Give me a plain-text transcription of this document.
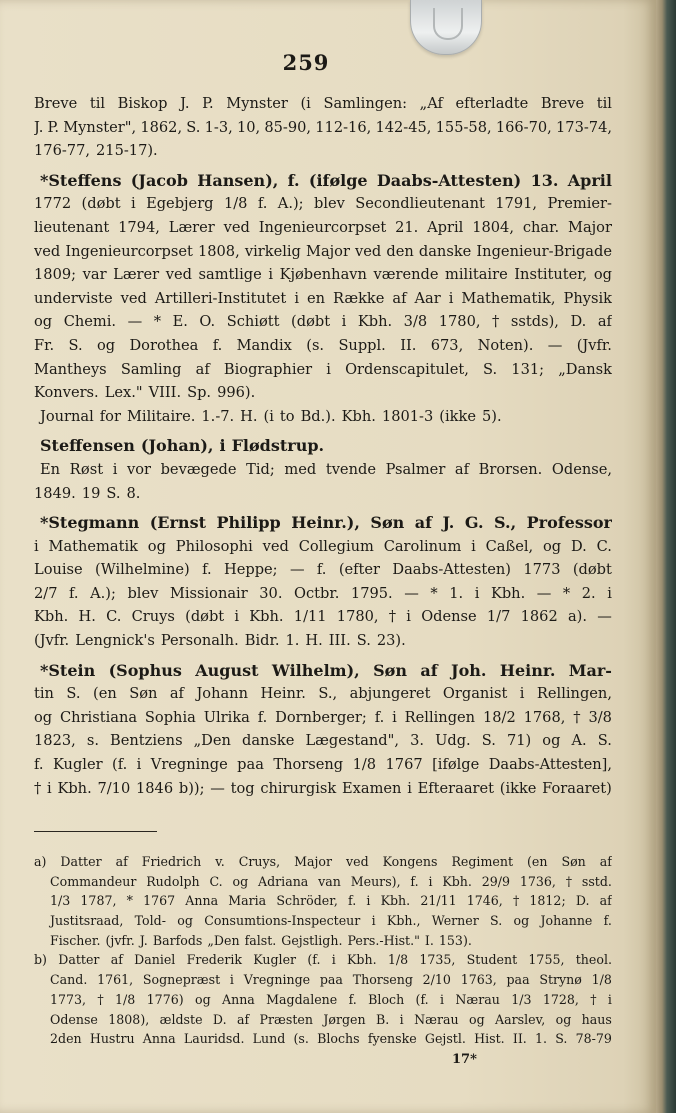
259
Breve til Biskop J. P. Mynster (i Samlingen: „Af efterladte Breve til
J. P. Mynster", 1862, S. 1-3, 10, 85-90, 112-16, 142-45, 155-58, 166-70, 173-74,
176-77, 215-17).
*Steffens (Jacob Hansen), f. (ifølge Daabs-Attesten) 13. April
1772 (døbt i Egebjerg 1/8 f. A.); blev Secondlieutenant 1791, Premier-
lieutenant 1794, Lærer ved Ingenieurcorpset 21. April 1804, char. Major
ved Ingenieurcorpset 1808, virkelig Major ved den danske Ingenieur-Brigade
1809; var Lærer ved samtlige i Kjøbenhavn værende militaire Instituter, og
underviste ved Artilleri-Institutet i en Række af Aar i Mathematik, Physik
og Chemi. — * E. O. Schiøtt (døbt i Kbh. 3/8 1780, † sstds), D. af
Fr. S. og Dorothea f. Mandix (s. Suppl. II. 673, Noten). — (Jvfr.
Mantheys Samling af Biographier i Ordenscapitulet, S. 131; „Dansk
Konvers. Lex." VIII. Sp. 996).
Journal for Militaire. 1.-7. H. (i to Bd.). Kbh. 1801-3 (ikke 5).
Steffensen (Johan), i Flødstrup.
En Røst i vor bevægede Tid; med tvende Psalmer af Brorsen. Odense,
1849. 19 S. 8.
*Stegmann (Ernst Philipp Heinr.), Søn af J. G. S., Professor
i Mathematik og Philosophi ved Collegium Carolinum i Caßel, og D. C.
Louise (Wilhelmine) f. Heppe; — f. (efter Daabs-Attesten) 1773 (døbt
2/7 f. A.); blev Missionair 30. Octbr. 1795. — * 1. i Kbh. — * 2. i
Kbh. H. C. Cruys (døbt i Kbh. 1/11 1780, † i Odense 1/7 1862 a). —
(Jvfr. Lengnick's Personalh. Bidr. 1. H. III. S. 23).
*Stein (Sophus August Wilhelm), Søn af Joh. Heinr. Mar-
tin S. (en Søn af Johann Heinr. S., abjungeret Organist i Rellingen,
og Christiana Sophia Ulrika f. Dornberger; f. i Rellingen 18/2 1768, † 3/8
1823, s. Bentziens „Den danske Lægestand", 3. Udg. S. 71) og A. S.
f. Kugler (f. i Vregninge paa Thorseng 1/8 1767 [ifølge Daabs-Attesten],
† i Kbh. 7/10 1846 b)); — tog chirurgisk Examen i Efteraaret (ikke Foraaret)
a) Datter af Friedrich v. Cruys, Major ved Kongens Regiment (en Søn af
Commandeur Rudolph C. og Adriana van Meurs), f. i Kbh. 29/9 1736, † sstd.
1/3 1787, * 1767 Anna Maria Schröder, f. i Kbh. 21/11 1746, † 1812; D. af
Justitsraad, Told- og Consumtions-Inspecteur i Kbh., Werner S. og Johanne f.
Fischer. (jvfr. J. Barfods „Den falst. Gejstligh. Pers.-Hist." I. 153).
b) Datter af Daniel Frederik Kugler (f. i Kbh. 1/8 1735, Student 1755, theol.
Cand. 1761, Sognepræst i Vregninge paa Thorseng 2/10 1763, paa Strynø 1/8
1773, † 1/8 1776) og Anna Magdalene f. Bloch (f. i Nærau 1/3 1728, † i
Odense 1808), ældste D. af Præsten Jørgen B. i Nærau og Aarslev, og haus
2den Hustru Anna Lauridsd. Lund (s. Blochs fyenske Gejstl. Hist. II. 1. S. 78-79
17*
